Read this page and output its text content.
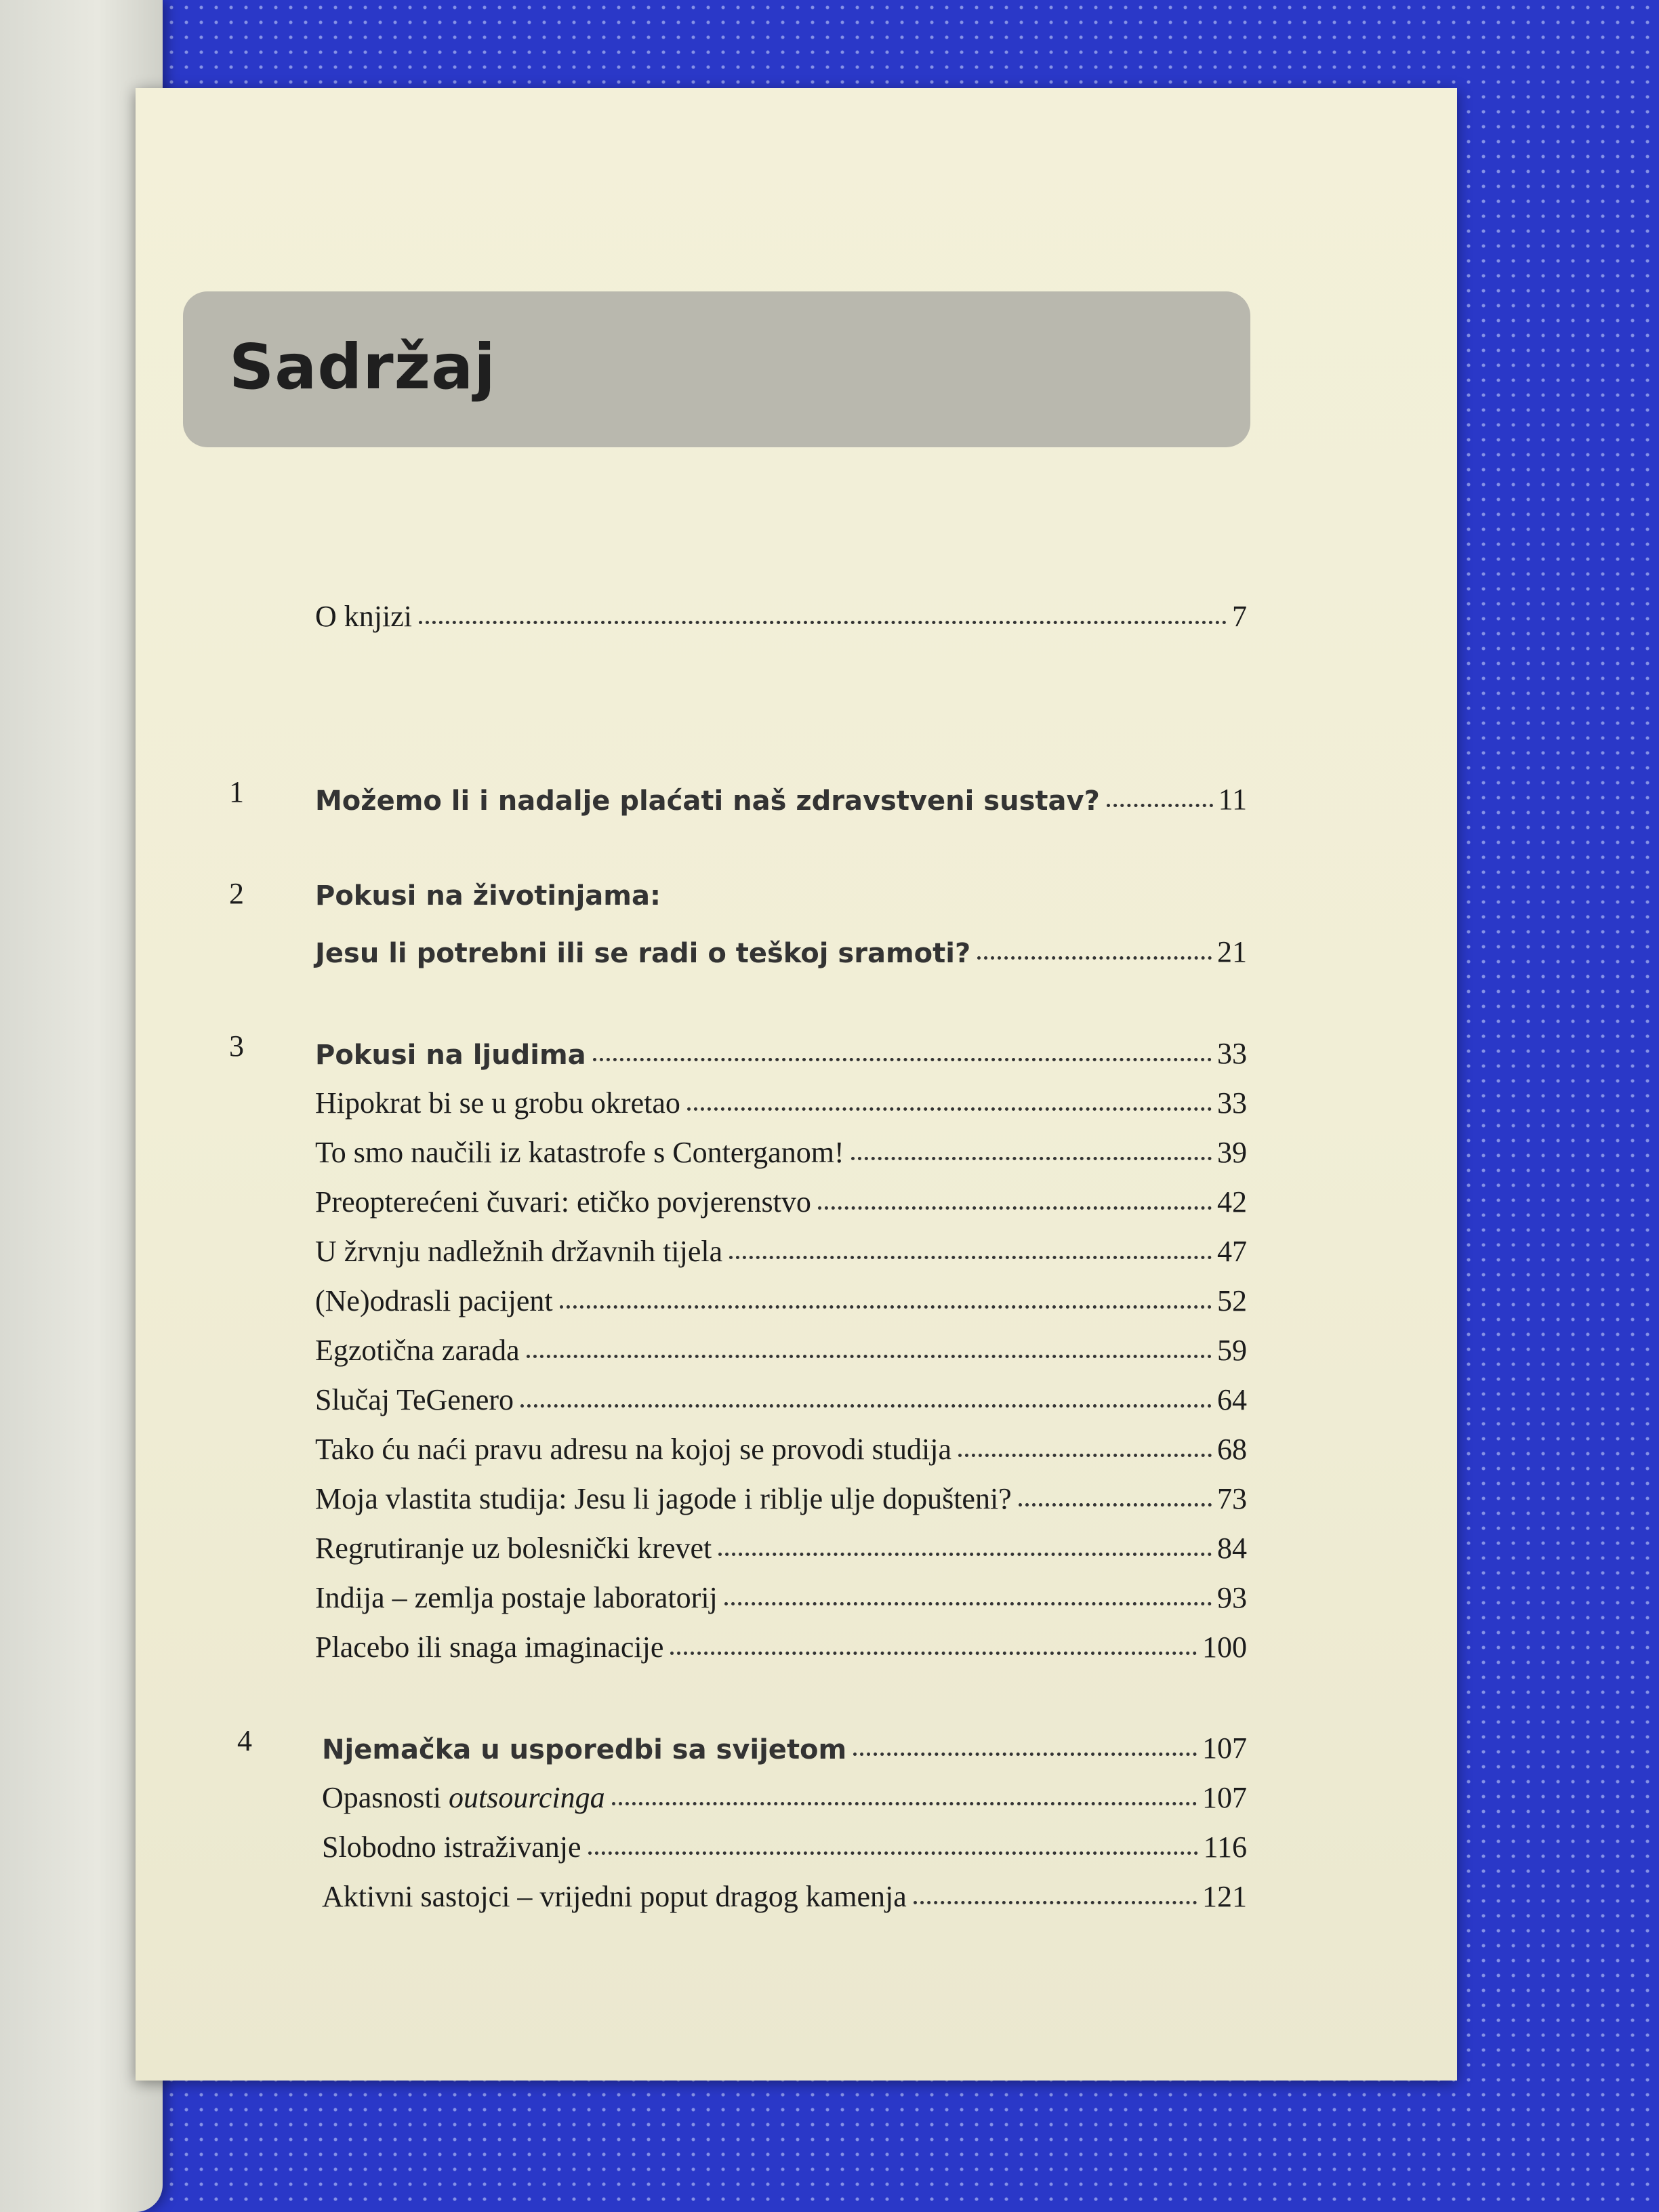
Sadržaj
O knjizi	7
1	Možemo li i nadalje plaćati naš zdravstveni sustav?	11
2	Pokusi na životinjama:
Jesu li potrebni ili se radi o teškoj sramoti?	21
3	Pokusi na ljudima	33
Hipokrat bi se u grobu okretao	33
To smo naučili iz katastrofe s Conterganom!	39
Preopterećeni čuvari: etičko povjerenstvo	42
U žrvnju nadležnih državnih tijela	47
(Ne)odrasli pacijent	52
Egzotična zarada	59
Slučaj TeGenero	64
Tako ću naći pravu adresu na kojoj se provodi studija	68
Moja vlastita studija: Jesu li jagode i riblje ulje dopušteni?	73
Regrutiranje uz bolesnički krevet	84
Indija – zemlja postaje laboratorij	93
Placebo ili snaga imaginacije	100
4	Njemačka u usporedbi sa svijetom	107
Opasnosti outsourcinga	107
Slobodno istraživanje	116
Aktivni sastojci – vrijedni poput dragog kamenja	121
